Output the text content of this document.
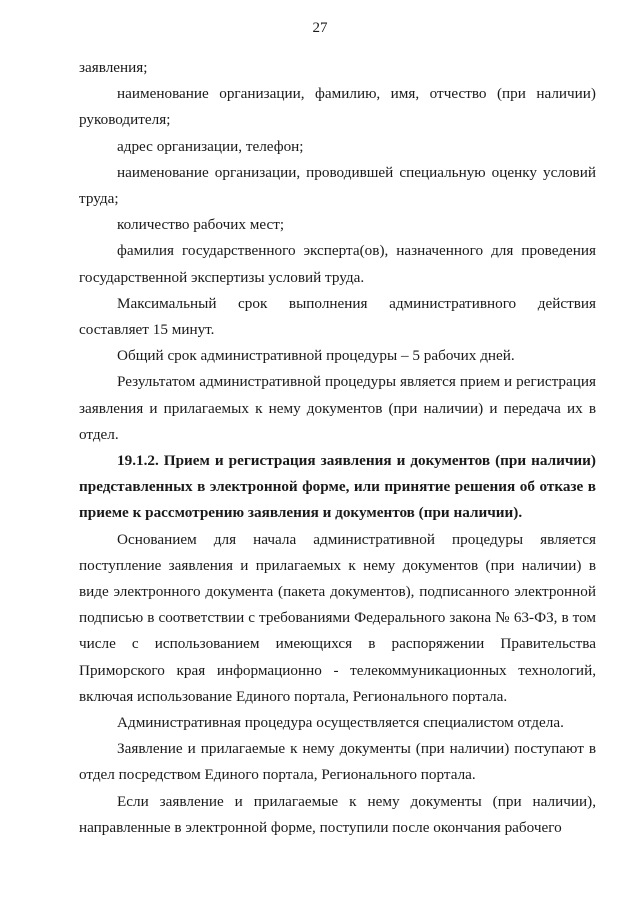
27

заявления;

наименование организации, фамилию, имя, отчество (при наличии) руководителя;

адрес организации, телефон;

наименование организации, проводившей специальную оценку условий труда;

количество рабочих мест;

фамилия государственного эксперта(ов), назначенного для проведения государственной экспертизы условий труда.

Максимальный срок выполнения административного действия составляет 15 минут.

Общий срок административной процедуры – 5 рабочих дней.

Результатом административной процедуры является прием и регистрация заявления и прилагаемых к нему документов (при наличии) и передача их в отдел.

19.1.2. Прием и регистрация заявления и документов (при наличии) представленных в электронной форме, или принятие решения об отказе в приеме к рассмотрению заявления и документов (при наличии).

Основанием для начала административной процедуры является поступление заявления и прилагаемых к нему документов (при наличии) в виде электронного документа (пакета документов), подписанного электронной подписью в соответствии с требованиями Федерального закона № 63-ФЗ, в том числе с использованием имеющихся в распоряжении Правительства Приморского края информационно - телекоммуникационных технологий, включая использование Единого портала, Регионального портала.

Административная процедура осуществляется специалистом отдела.

Заявление и прилагаемые к нему документы (при наличии) поступают в отдел посредством Единого портала, Регионального портала.

Если заявление и прилагаемые к нему документы (при наличии), направленные в электронной форме, поступили после окончания рабочего
